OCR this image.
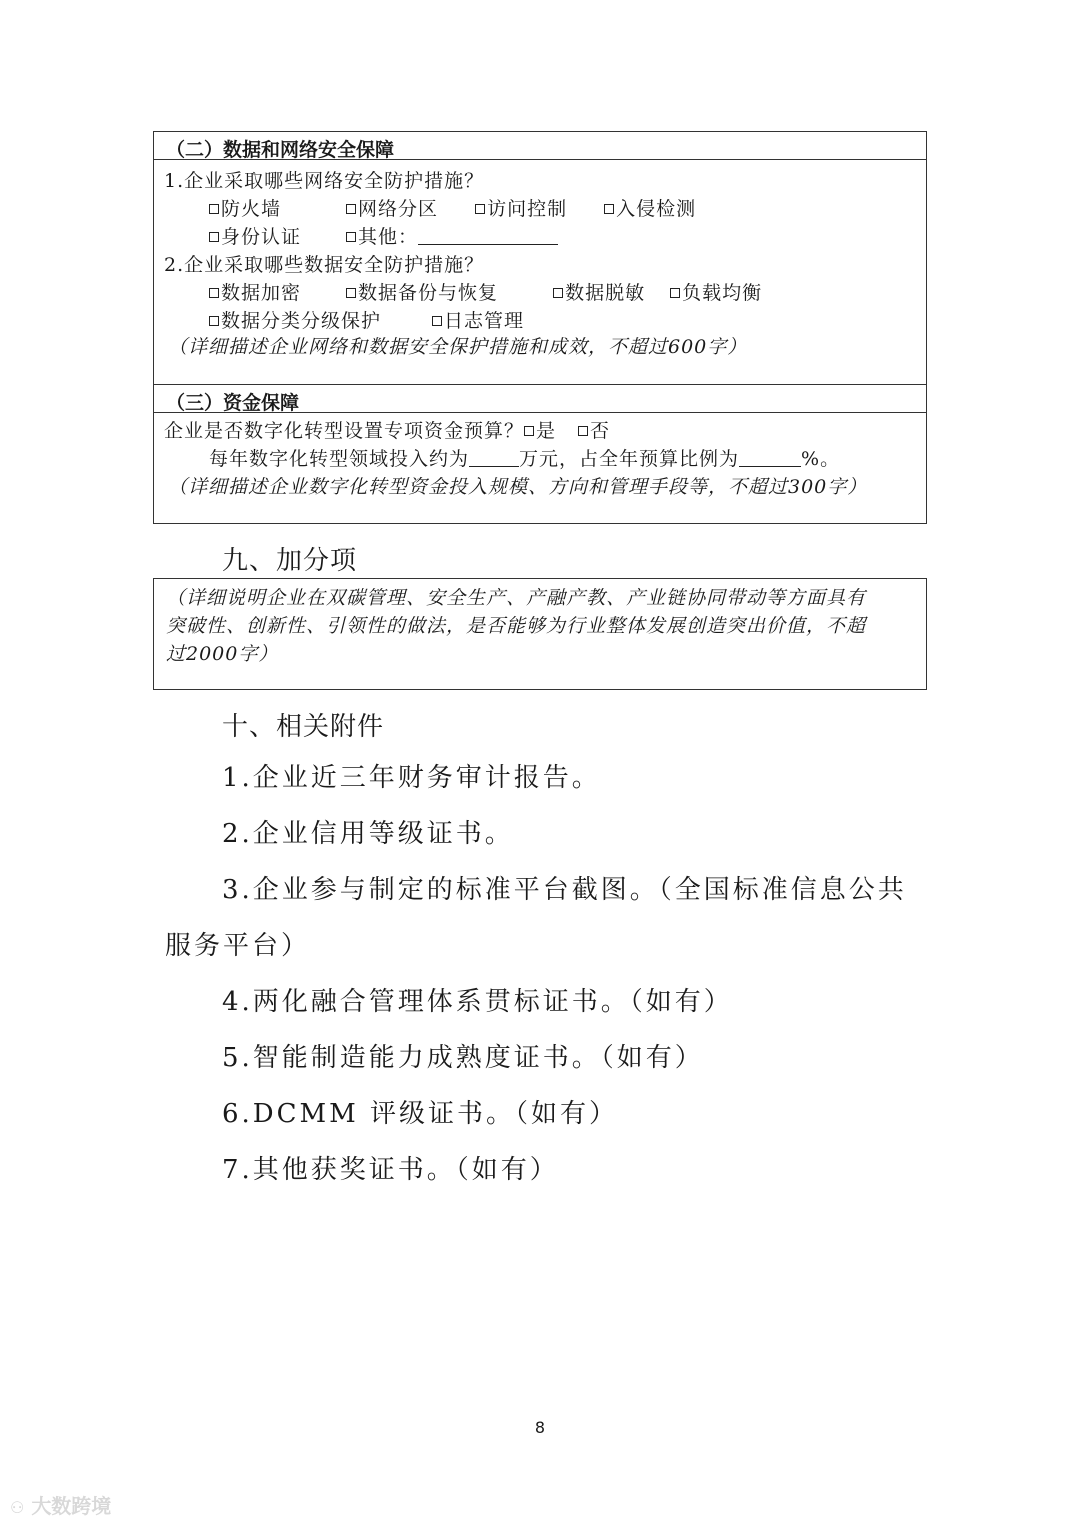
（二）数据和网络安全保障
1.企业采取哪些网络安全防护措施？
防火墙	网络分区	访问控制	入侵检测
身份认证	其他：
2.企业采取哪些数据安全防护措施？
数据加密	数据备份与恢复	数据脱敏 负载均衡
数据分类分级保护	日志管理
（详细描述企业网络和数据安全保护措施和成效，不超过600字）
（三）资金保障
企业是否数字化转型设置专项资金预算？ 是 否
每年数字化转型领域投入约为	万元，占全年预算比例为	%。
（详细描述企业数字化转型资金投入规模、方向和管理手段等，不超过300字）
九、加分项
（详细说明企业在双碳管理、安全生产、产融产教、产业链协同带动等方面具有
突破性、创新性、引领性的做法，是否能够为行业整体发展创造突出价值，不超
过2000字）
十、相关附件
1.企业近三年财务审计报告。
2.企业信用等级证书。
3.企业参与制定的标准平台截图。（全国标准信息公共
服务平台）
4.两化融合管理体系贯标证书。（如有）
5.智能制造能力成熟度证书。（如有）
6.DCMM 评级证书。（如有）
7.其他获奖证书。（如有）
8
⚇ 大数跨境
